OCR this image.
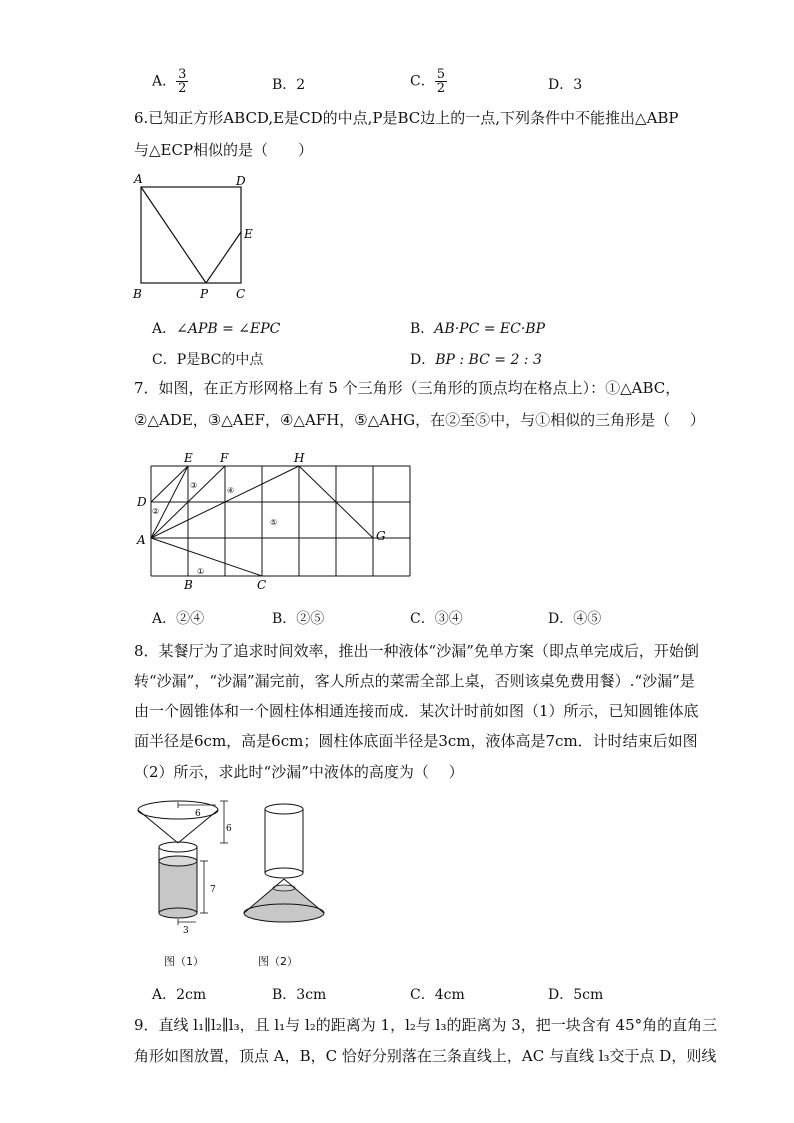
A． $\frac{3}{2}$	B．2	C． $\frac{5}{2}$	D．3
6.已知正方形ABCD,E是CD的中点,P是BC边上的一点,下列条件中不能推出△ABP
与△ECP相似的是（　　）
A	D
E
B	P C
A．∠APB = ∠EPC	B．AB·PC = EC·BP
C．P是BC的中点	D．BP : BC = 2 : 3
7．如图，在正方形网格上有 5 个三角形（三角形的顶点均在格点上）：①△ABC，
②△ADE，③△AEF，④△AFH，⑤△AHG，在②至⑤中，与①相似的三角形是（　 ）
E F	H
D
A	G
B	C
①
②
③
④
⑤
A．②④	B．②⑤	C．③④	D．④⑤
8．某餐厅为了追求时间效率，推出一种液体“沙漏”免单方案（即点单完成后，开始倒
转“沙漏”，“沙漏”漏完前，客人所点的菜需全部上桌，否则该桌免费用餐）.“沙漏”是
由一个圆锥体和一个圆柱体相通连接而成．某次计时前如图（1）所示，已知圆锥体底
面半径是6cm，高是6cm；圆柱体底面半径是3cm，液体高是7cm．计时结束后如图
（2）所示，求此时“沙漏”中液体的高度为（　 ）
6
6
7
3
图（1）	图（2）
A．2cm	B．3cm	C．4cm	D．5cm
9．直线 l₁∥l₂∥l₃，且 l₁与 l₂的距离为 1，l₂与 l₃的距离为 3，把一块含有 45°角的直角三
角形如图放置，顶点 A，B，C 恰好分别落在三条直线上，AC 与直线 l₃交于点 D，则线
